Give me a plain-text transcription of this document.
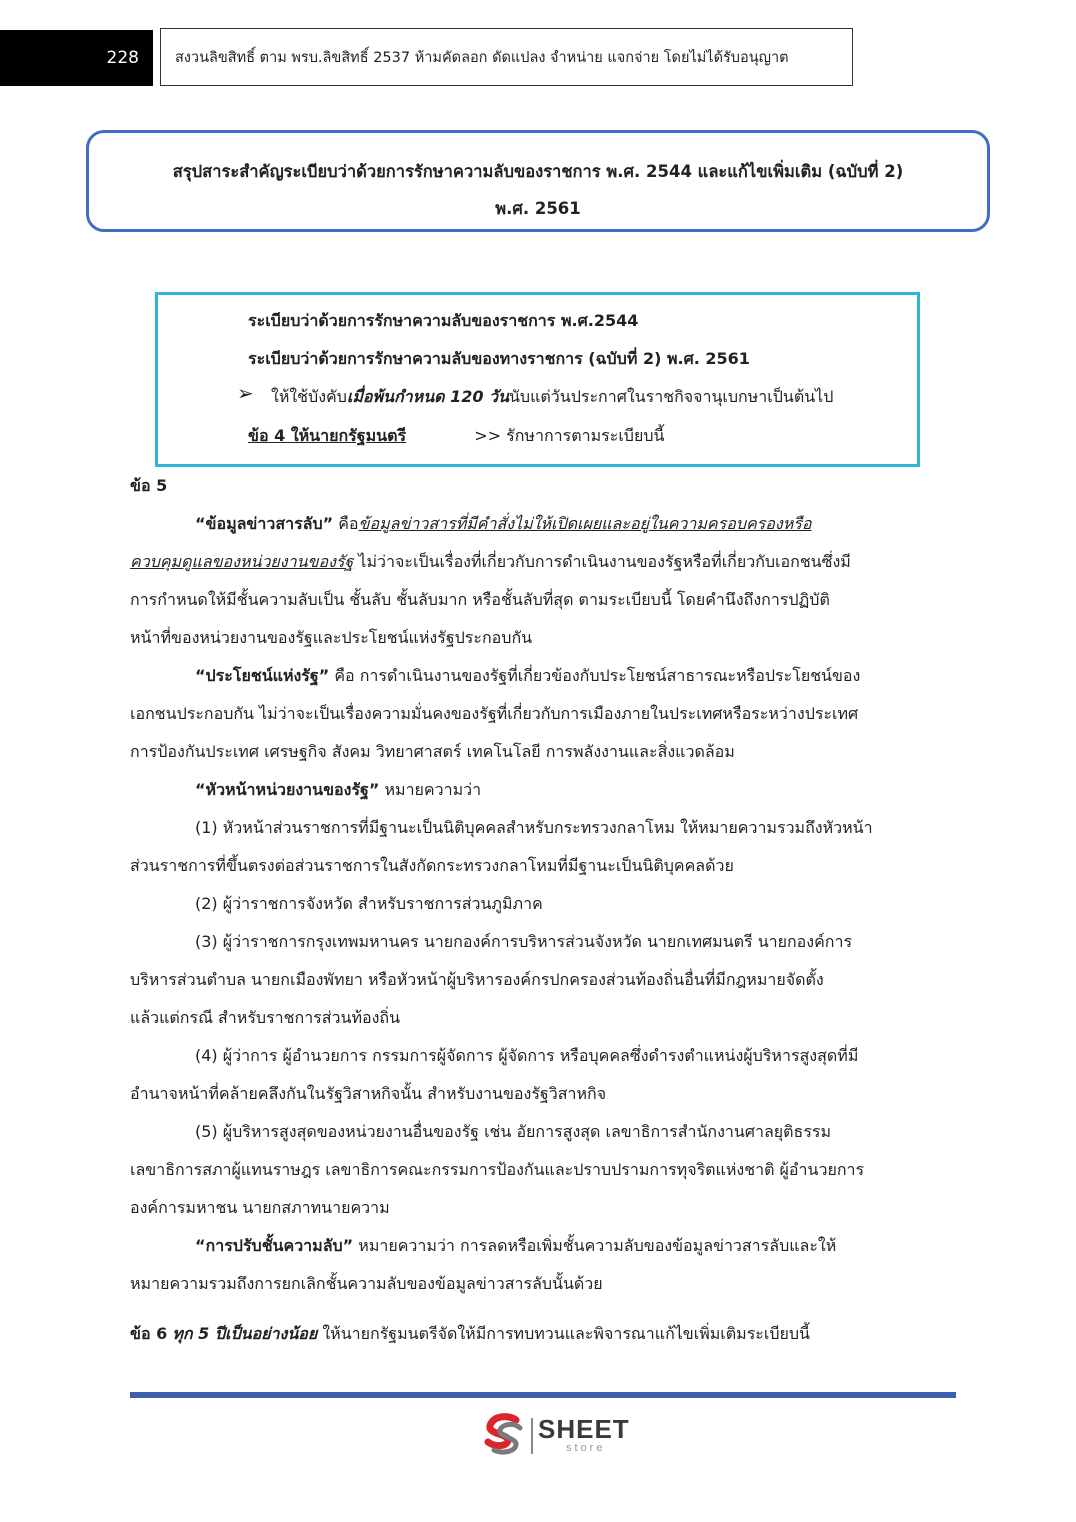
228	สงวนลิขสิทธิ์ ตาม พรบ.ลิขสิทธิ์ 2537 ห้ามคัดลอก ดัดแปลง จำหน่าย แจกจ่าย โดยไม่ได้รับอนุญาต
สรุปสาระสำคัญระเบียบว่าด้วยการรักษาความลับของราชการ พ.ศ. 2544 และแก้ไขเพิ่มเติม (ฉบับที่ 2)
พ.ศ. 2561
ระเบียบว่าด้วยการรักษาความลับของราชการ พ.ศ.2544
ระเบียบว่าด้วยการรักษาความลับของทางราชการ (ฉบับที่ 2) พ.ศ. 2561
➢ ให้ใช้บังคับเมื่อพ้นกำหนด 120 วันนับแต่วันประกาศในราชกิจจานุเบกษาเป็นต้นไป
ข้อ 4 ให้นายกรัฐมนตรี	>> รักษาการตามระเบียบนี้
ข้อ 5
“ข้อมูลข่าวสารลับ” คือข้อมูลข่าวสารที่มีคำสั่งไม่ให้เปิดเผยและอยู่ในความครอบครองหรือ
ควบคุมดูแลของหน่วยงานของรัฐ ไม่ว่าจะเป็นเรื่องที่เกี่ยวกับการดำเนินงานของรัฐหรือที่เกี่ยวกับเอกชนซึ่งมี
การกำหนดให้มีชั้นความลับเป็น ชั้นลับ ชั้นลับมาก หรือชั้นลับที่สุด ตามระเบียบนี้ โดยคำนึงถึงการปฏิบัติ
หน้าที่ของหน่วยงานของรัฐและประโยชน์แห่งรัฐประกอบกัน
“ประโยชน์แห่งรัฐ” คือ การดำเนินงานของรัฐที่เกี่ยวข้องกับประโยชน์สาธารณะหรือประโยชน์ของ
เอกชนประกอบกัน ไม่ว่าจะเป็นเรื่องความมั่นคงของรัฐที่เกี่ยวกับการเมืองภายในประเทศหรือระหว่างประเทศ
การป้องกันประเทศ เศรษฐกิจ สังคม วิทยาศาสตร์ เทคโนโลยี การพลังงานและสิ่งแวดล้อม
“หัวหน้าหน่วยงานของรัฐ” หมายความว่า
(1) หัวหน้าส่วนราชการที่มีฐานะเป็นนิติบุคคลสำหรับกระทรวงกลาโหม ให้หมายความรวมถึงหัวหน้า
ส่วนราชการที่ขึ้นตรงต่อส่วนราชการในสังกัดกระทรวงกลาโหมที่มีฐานะเป็นนิติบุคคลด้วย
(2) ผู้ว่าราชการจังหวัด สำหรับราชการส่วนภูมิภาค
(3) ผู้ว่าราชการกรุงเทพมหานคร นายกองค์การบริหารส่วนจังหวัด นายกเทศมนตรี นายกองค์การ
บริหารส่วนตำบล นายกเมืองพัทยา หรือหัวหน้าผู้บริหารองค์กรปกครองส่วนท้องถิ่นอื่นที่มีกฎหมายจัดตั้ง
แล้วแต่กรณี สำหรับราชการส่วนท้องถิ่น
(4) ผู้ว่าการ ผู้อำนวยการ กรรมการผู้จัดการ ผู้จัดการ หรือบุคคลซึ่งดำรงตำแหน่งผู้บริหารสูงสุดที่มี
อำนาจหน้าที่คล้ายคลึงกันในรัฐวิสาหกิจนั้น สำหรับงานของรัฐวิสาหกิจ
(5) ผู้บริหารสูงสุดของหน่วยงานอื่นของรัฐ เช่น อัยการสูงสุด เลขาธิการสำนักงานศาลยุติธรรม
เลขาธิการสภาผู้แทนราษฎร เลขาธิการคณะกรรมการป้องกันและปราบปรามการทุจริตแห่งชาติ ผู้อำนวยการ
องค์การมหาชน นายกสภาทนายความ
“การปรับชั้นความลับ” หมายความว่า การลดหรือเพิ่มชั้นความลับของข้อมูลข่าวสารลับและให้
หมายความรวมถึงการยกเลิกชั้นความลับของข้อมูลข่าวสารลับนั้นด้วย
ข้อ 6 ทุก 5 ปีเป็นอย่างน้อย ให้นายกรัฐมนตรีจัดให้มีการทบทวนและพิจารณาแก้ไขเพิ่มเติมระเบียบนี้
SHEET
store
